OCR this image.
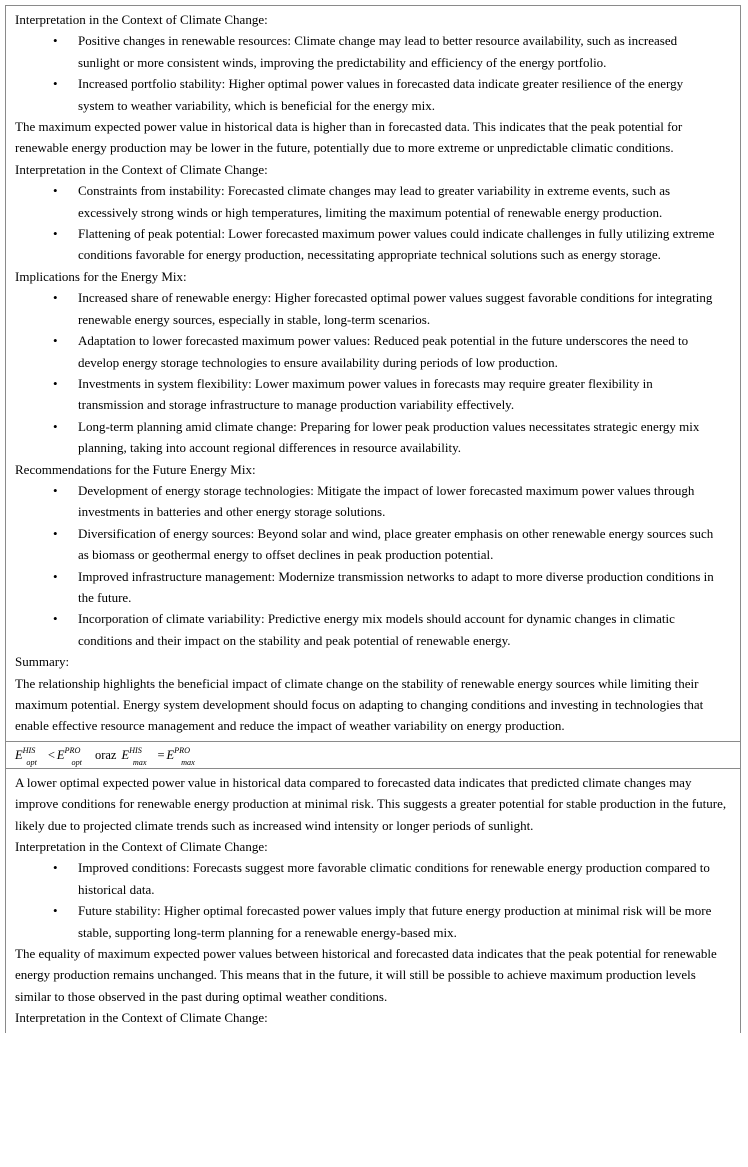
Interpretation in the Context of Climate Change:

• Positive changes in renewable resources: Climate change may lead to better resource availability, such as increased sunlight or more consistent winds, improving the predictability and efficiency of the energy portfolio.
• Increased portfolio stability: Higher optimal power values in forecasted data indicate greater resilience of the energy system to weather variability, which is beneficial for the energy mix.

The maximum expected power value in historical data is higher than in forecasted data. This indicates that the peak potential for renewable energy production may be lower in the future, potentially due to more extreme or unpredictable climatic conditions.

Interpretation in the Context of Climate Change:

• Constraints from instability: Forecasted climate changes may lead to greater variability in extreme events, such as excessively strong winds or high temperatures, limiting the maximum potential of renewable energy production.
• Flattening of peak potential: Lower forecasted maximum power values could indicate challenges in fully utilizing extreme conditions favorable for energy production, necessitating appropriate technical solutions such as energy storage.

Implications for the Energy Mix:

• Increased share of renewable energy: Higher forecasted optimal power values suggest favorable conditions for integrating renewable energy sources, especially in stable, long-term scenarios.
• Adaptation to lower forecasted maximum power values: Reduced peak potential in the future underscores the need to develop energy storage technologies to ensure availability during periods of low production.
• Investments in system flexibility: Lower maximum power values in forecasts may require greater flexibility in transmission and storage infrastructure to manage production variability effectively.
• Long-term planning amid climate change: Preparing for lower peak production values necessitates strategic energy mix planning, taking into account regional differences in resource availability.

Recommendations for the Future Energy Mix:

• Development of energy storage technologies: Mitigate the impact of lower forecasted maximum power values through investments in batteries and other energy storage solutions.
• Diversification of energy sources: Beyond solar and wind, place greater emphasis on other renewable energy sources such as biomass or geothermal energy to offset declines in peak production potential.
• Improved infrastructure management: Modernize transmission networks to adapt to more diverse production conditions in the future.
• Incorporation of climate variability: Predictive energy mix models should account for dynamic changes in climatic conditions and their impact on the stability and peak potential of renewable energy.

Summary:

The relationship highlights the beneficial impact of climate change on the stability of renewable energy sources while limiting their maximum potential. Energy system development should focus on adapting to changing conditions and investing in technologies that enable effective resource management and reduce the impact of weather variability on energy production.

$E^{HIS}_{opt}<$ $E^{PRO}_{opt}oraz$ $E^{HIS}_{max}= E^{PRO}_{max}$

A lower optimal expected power value in historical data compared to forecasted data indicates that predicted climate changes may improve conditions for renewable energy production at minimal risk. This suggests a greater potential for stable production in the future, likely due to projected climate trends such as increased wind intensity or longer periods of sunlight.

Interpretation in the Context of Climate Change:

• Improved conditions: Forecasts suggest more favorable climatic conditions for renewable energy production compared to historical data.
• Future stability: Higher optimal forecasted power values imply that future energy production at minimal risk will be more stable, supporting long-term planning for a renewable energy-based mix.

The equality of maximum expected power values between historical and forecasted data indicates that the peak potential for renewable energy production remains unchanged. This means that in the future, it will still be possible to achieve maximum production levels similar to those observed in the past during optimal weather conditions.

Interpretation in the Context of Climate Change:
